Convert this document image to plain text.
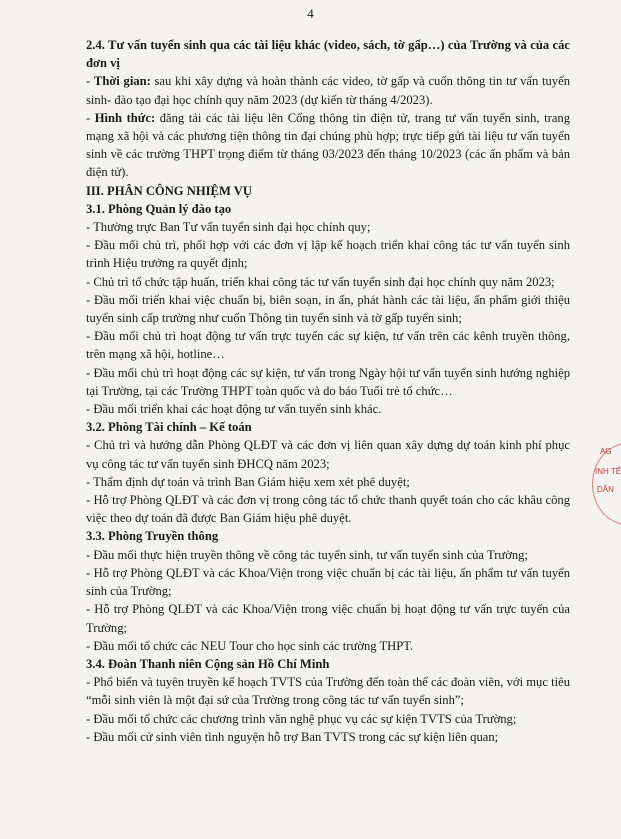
4

2.4. Tư vấn tuyển sinh qua các tài liệu khác (video, sách, tờ gấp…) của Trường và của các đơn vị

- Thời gian: sau khi xây dựng và hoàn thành các video, tờ gấp và cuốn thông tin tư vấn tuyển sinh- đào tạo đại học chính quy năm 2023 (dự kiến từ tháng 4/2023).

- Hình thức: đăng tải các tài liệu lên Cổng thông tin điện tử, trang tư vấn tuyển sinh, trang mạng xã hội và các phương tiện thông tin đại chúng phù hợp; trực tiếp gửi tài liệu tư vấn tuyển sinh về các trường THPT trọng điểm từ tháng 03/2023 đến tháng 10/2023 (các ấn phẩm và bản điện tử).

III. PHÂN CÔNG NHIỆM VỤ

3.1. Phòng Quản lý đào tạo

- Thường trực Ban Tư vấn tuyển sinh đại học chính quy;

- Đầu mối chủ trì, phối hợp với các đơn vị lập kế hoạch triển khai công tác tư vấn tuyển sinh trình Hiệu trưởng ra quyết định;

- Chủ trì tổ chức tập huấn, triển khai công tác tư vấn tuyển sinh đại học chính quy năm 2023;

- Đầu mối triển khai việc chuẩn bị, biên soạn, in ấn, phát hành các tài liệu, ấn phẩm giới thiệu tuyển sinh cấp trường như cuốn Thông tin tuyển sinh và tờ gấp tuyển sinh;

- Đầu mối chủ trì hoạt động tư vấn trực tuyến các sự kiện, tư vấn trên các kênh truyền thông, trên mạng xã hội, hotline…

- Đầu mối chủ trì hoạt động các sự kiện, tư vấn trong Ngày hội tư vấn tuyển sinh hướng nghiệp tại Trường, tại các Trường THPT toàn quốc và do báo Tuổi trẻ tổ chức…

- Đầu mối triển khai các hoạt động tư vấn tuyển sinh khác.

3.2. Phòng Tài chính – Kế toán

- Chủ trì và hướng dẫn Phòng QLĐT và các đơn vị liên quan xây dựng dự toán kinh phí phục vụ công tác tư vấn tuyển sinh ĐHCQ năm 2023;

- Thẩm định dự toán và trình Ban Giám hiệu xem xét phê duyệt;

- Hỗ trợ Phòng QLĐT và các đơn vị trong công tác tổ chức thanh quyết toán cho các khâu công việc theo dự toán đã được Ban Giám hiệu phê duyệt.

3.3. Phòng Truyền thông

- Đầu mối thực hiện truyền thông về công tác tuyển sinh, tư vấn tuyển sinh của Trường;

- Hỗ trợ Phòng QLĐT và các Khoa/Viện trong việc chuẩn bị các tài liệu, ấn phẩm tư vấn tuyển sinh của Trường;

- Hỗ trợ Phòng QLĐT và các Khoa/Viện trong việc chuẩn bị hoạt động tư vấn trực tuyến của Trường;

- Đầu mối tổ chức các NEU Tour cho học sinh các trường THPT.

3.4. Đoàn Thanh niên Cộng sản Hồ Chí Minh

- Phổ biến và tuyên truyền kế hoạch TVTS của Trường đến toàn thể các đoàn viên, với mục tiêu “mỗi sinh viên là một đại sứ của Trường trong công tác tư vấn tuyển sinh”;

- Đầu mối tổ chức các chương trình văn nghệ phục vụ các sự kiện TVTS của Trường;

- Đầu mối cử sinh viên tình nguyện hỗ trợ Ban TVTS trong các sự kiện liên quan;

AG
INH TẾ
DÂN
